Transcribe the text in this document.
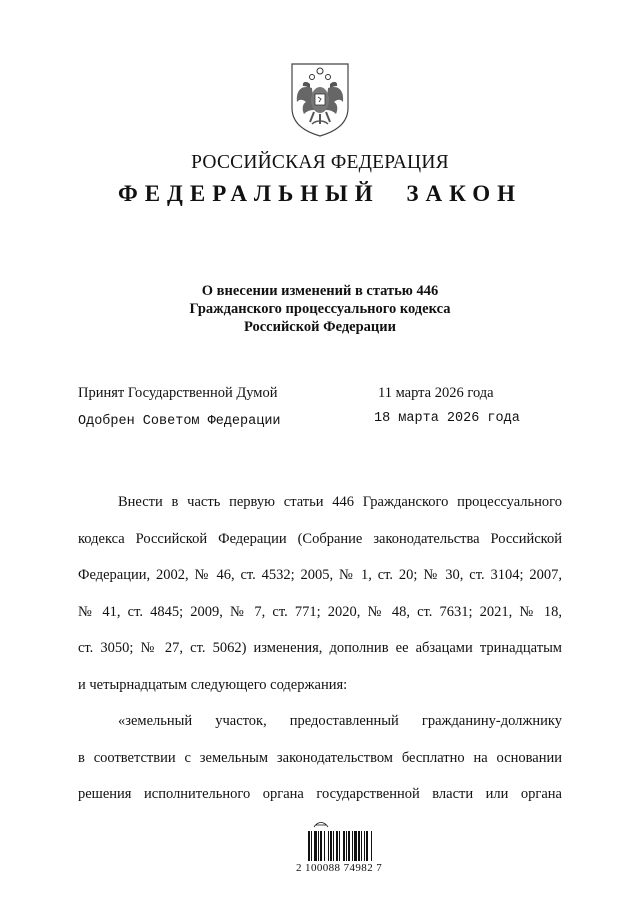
РОССИЙСКАЯ ФЕДЕРАЦИЯ
ФЕДЕРАЛЬНЫЙ ЗАКОН
О внесении изменений в статью 446
Гражданского процессуального кодекса
Российской Федерации
Принят Государственной Думой	11 марта 2026 года
Одобрен Советом Федерации	18 марта 2026 года
Внести в часть первую статьи 446 Гражданского процессуального
кодекса Российской Федерации (Собрание законодательства Российской
Федерации, 2002, № 46, ст. 4532; 2005, № 1, ст. 20; № 30, ст. 3104; 2007,
№ 41, ст. 4845; 2009, № 7, ст. 771; 2020, № 48, ст. 7631; 2021, № 18,
ст. 3050; № 27, ст. 5062) изменения, дополнив ее абзацами тринадцатым
и четырнадцатым следующего содержания:
«земельный участок, предоставленный гражданину-должнику
в соответствии с земельным законодательством бесплатно на основании
решения исполнительного органа государственной власти или органа
2 100088 74982 7
